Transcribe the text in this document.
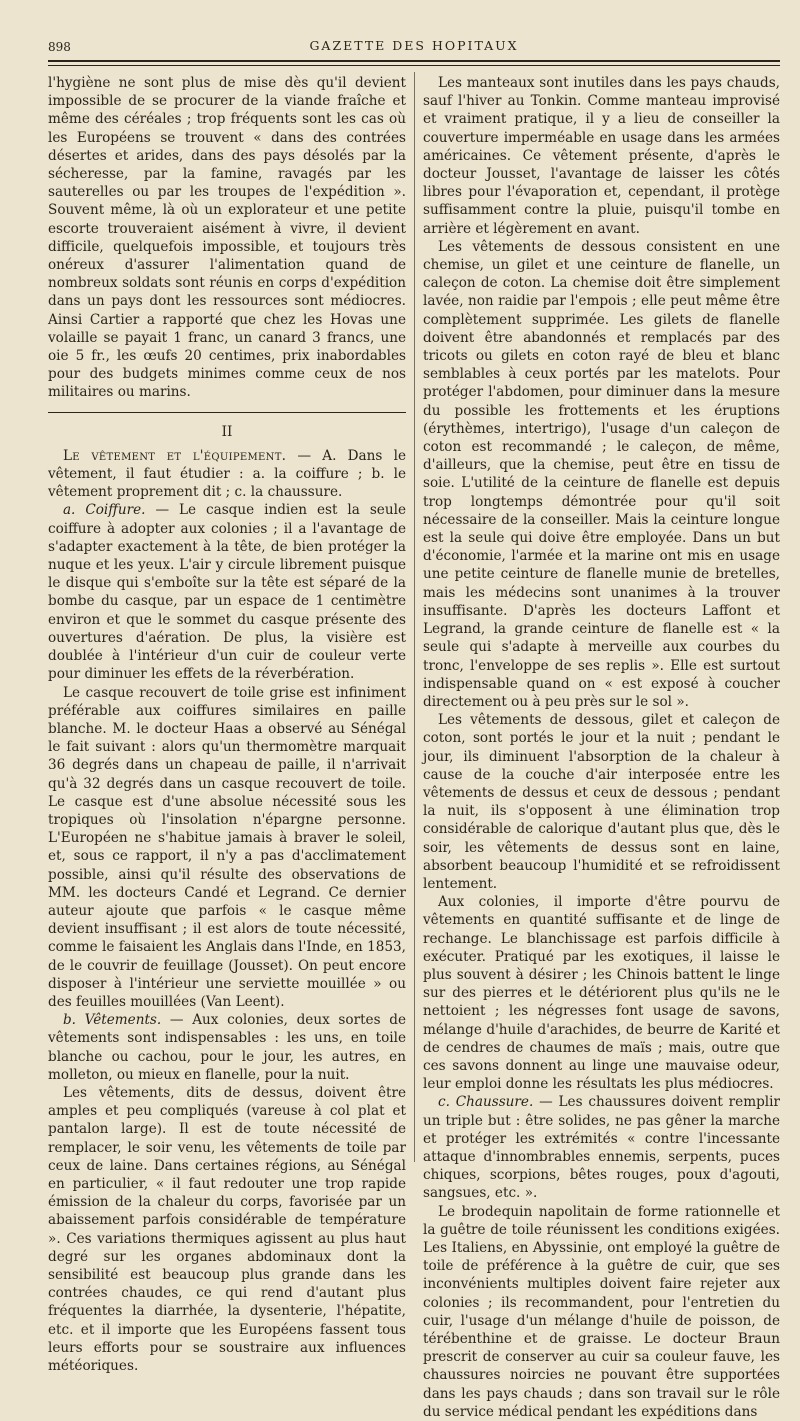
898	GAZETTE DES HOPITAUX

l'hygiène ne sont plus de mise dès qu'il devient impossible de se procurer de la viande fraîche et même des céréales ; trop fréquents sont les cas où les Européens se trouvent « dans des contrées désertes et arides, dans des pays désolés par la sécheresse, par la famine, ravagés par les sauterelles ou par les troupes de l'expédition ». Souvent même, là où un explorateur et une petite escorte trouveraient aisément à vivre, il devient difficile, quelquefois impossible, et toujours très onéreux d'assurer l'alimentation quand de nombreux soldats sont réunis en corps d'expédition dans un pays dont les ressources sont médiocres. Ainsi Cartier a rapporté que chez les Hovas une volaille se payait 1 franc, un canard 3 francs, une oie 5 fr., les œufs 20 centimes, prix inabordables pour des budgets minimes comme ceux de nos militaires ou marins.

II

Le vêtement et l'équipement. — A. Dans le vêtement, il faut étudier : a. la coiffure ; b. le vêtement proprement dit ; c. la chaussure.

a. Coiffure. — Le casque indien est la seule coiffure à adopter aux colonies ; il a l'avantage de s'adapter exactement à la tête, de bien protéger la nuque et les yeux. L'air y circule librement puisque le disque qui s'emboîte sur la tête est séparé de la bombe du casque, par un espace de 1 centimètre environ et que le sommet du casque présente des ouvertures d'aération. De plus, la visière est doublée à l'intérieur d'un cuir de couleur verte pour diminuer les effets de la réverbération.

Le casque recouvert de toile grise est infiniment préférable aux coiffures similaires en paille blanche. M. le docteur Haas a observé au Sénégal le fait suivant : alors qu'un thermomètre marquait 36 degrés dans un chapeau de paille, il n'arrivait qu'à 32 degrés dans un casque recouvert de toile. Le casque est d'une absolue nécessité sous les tropiques où l'insolation n'épargne personne. L'Européen ne s'habitue jamais à braver le soleil, et, sous ce rapport, il n'y a pas d'acclimatement possible, ainsi qu'il résulte des observations de MM. les docteurs Candé et Legrand. Ce dernier auteur ajoute que parfois « le casque même devient insuffisant ; il est alors de toute nécessité, comme le faisaient les Anglais dans l'Inde, en 1853, de le couvrir de feuillage (Jousset). On peut encore disposer à l'intérieur une serviette mouillée » ou des feuilles mouillées (Van Leent).

b. Vêtements. — Aux colonies, deux sortes de vêtements sont indispensables : les uns, en toile blanche ou cachou, pour le jour, les autres, en molleton, ou mieux en flanelle, pour la nuit.

Les vêtements, dits de dessus, doivent être amples et peu compliqués (vareuse à col plat et pantalon large). Il est de toute nécessité de remplacer, le soir venu, les vêtements de toile par ceux de laine. Dans certaines régions, au Sénégal en particulier, « il faut redouter une trop rapide émission de la chaleur du corps, favorisée par un abaissement parfois considérable de température ». Ces variations thermiques agissent au plus haut degré sur les organes abdominaux dont la sensibilité est beaucoup plus grande dans les contrées chaudes, ce qui rend d'autant plus fréquentes la diarrhée, la dysenterie, l'hépatite, etc. et il importe que les Européens fassent tous leurs efforts pour se soustraire aux influences météoriques.

Les manteaux sont inutiles dans les pays chauds, sauf l'hiver au Tonkin. Comme manteau improvisé et vraiment pratique, il y a lieu de conseiller la couverture imperméable en usage dans les armées américaines. Ce vêtement présente, d'après le docteur Jousset, l'avantage de laisser les côtés libres pour l'évaporation et, cependant, il protège suffisamment contre la pluie, puisqu'il tombe en arrière et légèrement en avant.

Les vêtements de dessous consistent en une chemise, un gilet et une ceinture de flanelle, un caleçon de coton. La chemise doit être simplement lavée, non raidie par l'empois ; elle peut même être complètement supprimée. Les gilets de flanelle doivent être abandonnés et remplacés par des tricots ou gilets en coton rayé de bleu et blanc semblables à ceux portés par les matelots. Pour protéger l'abdomen, pour diminuer dans la mesure du possible les frottements et les éruptions (érythèmes, intertrigo), l'usage d'un caleçon de coton est recommandé ; le caleçon, de même, d'ailleurs, que la chemise, peut être en tissu de soie. L'utilité de la ceinture de flanelle est depuis trop longtemps démontrée pour qu'il soit nécessaire de la conseiller. Mais la ceinture longue est la seule qui doive être employée. Dans un but d'économie, l'armée et la marine ont mis en usage une petite ceinture de flanelle munie de bretelles, mais les médecins sont unanimes à la trouver insuffisante. D'après les docteurs Laffont et Legrand, la grande ceinture de flanelle est « la seule qui s'adapte à merveille aux courbes du tronc, l'enveloppe de ses replis ». Elle est surtout indispensable quand on « est exposé à coucher directement ou à peu près sur le sol ».

Les vêtements de dessous, gilet et caleçon de coton, sont portés le jour et la nuit ; pendant le jour, ils diminuent l'absorption de la chaleur à cause de la couche d'air interposée entre les vêtements de dessus et ceux de dessous ; pendant la nuit, ils s'opposent à une élimination trop considérable de calorique d'autant plus que, dès le soir, les vêtements de dessus sont en laine, absorbent beaucoup l'humidité et se refroidissent lentement.

Aux colonies, il importe d'être pourvu de vêtements en quantité suffisante et de linge de rechange. Le blanchissage est parfois difficile à exécuter. Pratiqué par les exotiques, il laisse le plus souvent à désirer ; les Chinois battent le linge sur des pierres et le détériorent plus qu'ils ne le nettoient ; les négresses font usage de savons, mélange d'huile d'arachides, de beurre de Karité et de cendres de chaumes de maïs ; mais, outre que ces savons donnent au linge une mauvaise odeur, leur emploi donne les résultats les plus médiocres.

c. Chaussure. — Les chaussures doivent remplir un triple but : être solides, ne pas gêner la marche et protéger les extrémités « contre l'incessante attaque d'innombrables ennemis, serpents, puces chiques, scorpions, bêtes rouges, poux d'agouti, sangsues, etc. ».

Le brodequin napolitain de forme rationnelle et la guêtre de toile réunissent les conditions exigées. Les Italiens, en Abyssinie, ont employé la guêtre de toile de préférence à la guêtre de cuir, que ses inconvénients multiples doivent faire rejeter aux colonies ; ils recommandent, pour l'entretien du cuir, l'usage d'un mélange d'huile de poisson, de térébenthine et de graisse. Le docteur Braun prescrit de conserver au cuir sa couleur fauve, les chaussures noircies ne pouvant être supportées dans les pays chauds ; dans son travail sur le rôle du service médical pendant les expéditions dans
